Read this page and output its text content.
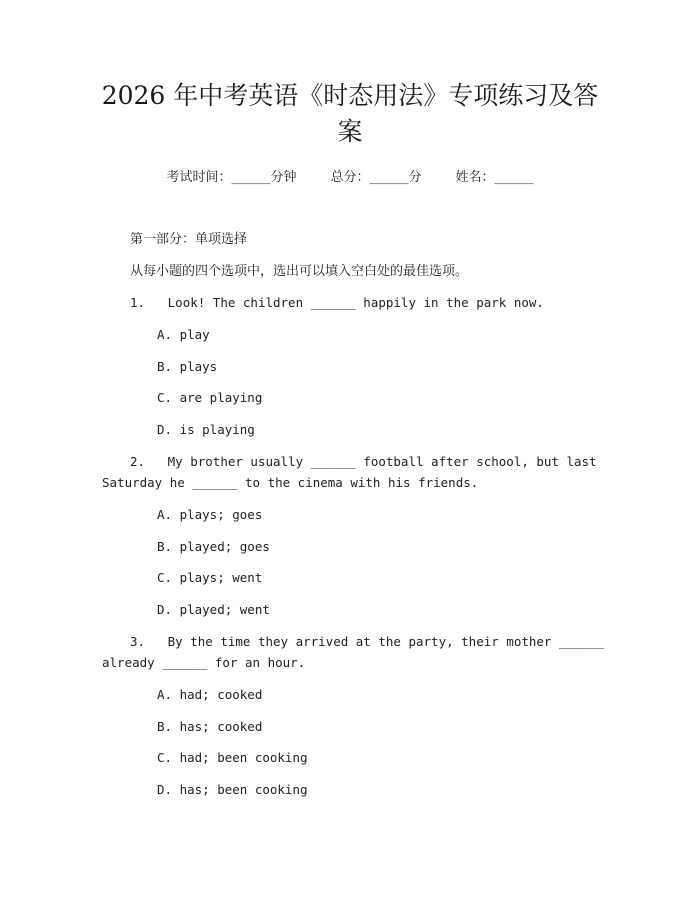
2026 年中考英语《时态用法》专项练习及答案
考试时间：______分钟	总分：______分	姓名：______
第一部分：单项选择
从每小题的四个选项中，选出可以填入空白处的最佳选项。
1. Look! The children ______ happily in the park now.
A. play
B. plays
C. are playing
D. is playing
2. My brother usually ______ football after school, but last
Saturday he ______ to the cinema with his friends.
A. plays; goes
B. played; goes
C. plays; went
D. played; went
3. By the time they arrived at the party, their mother ______
already ______ for an hour.
A. had; cooked
B. has; cooked
C. had; been cooking
D. has; been cooking
